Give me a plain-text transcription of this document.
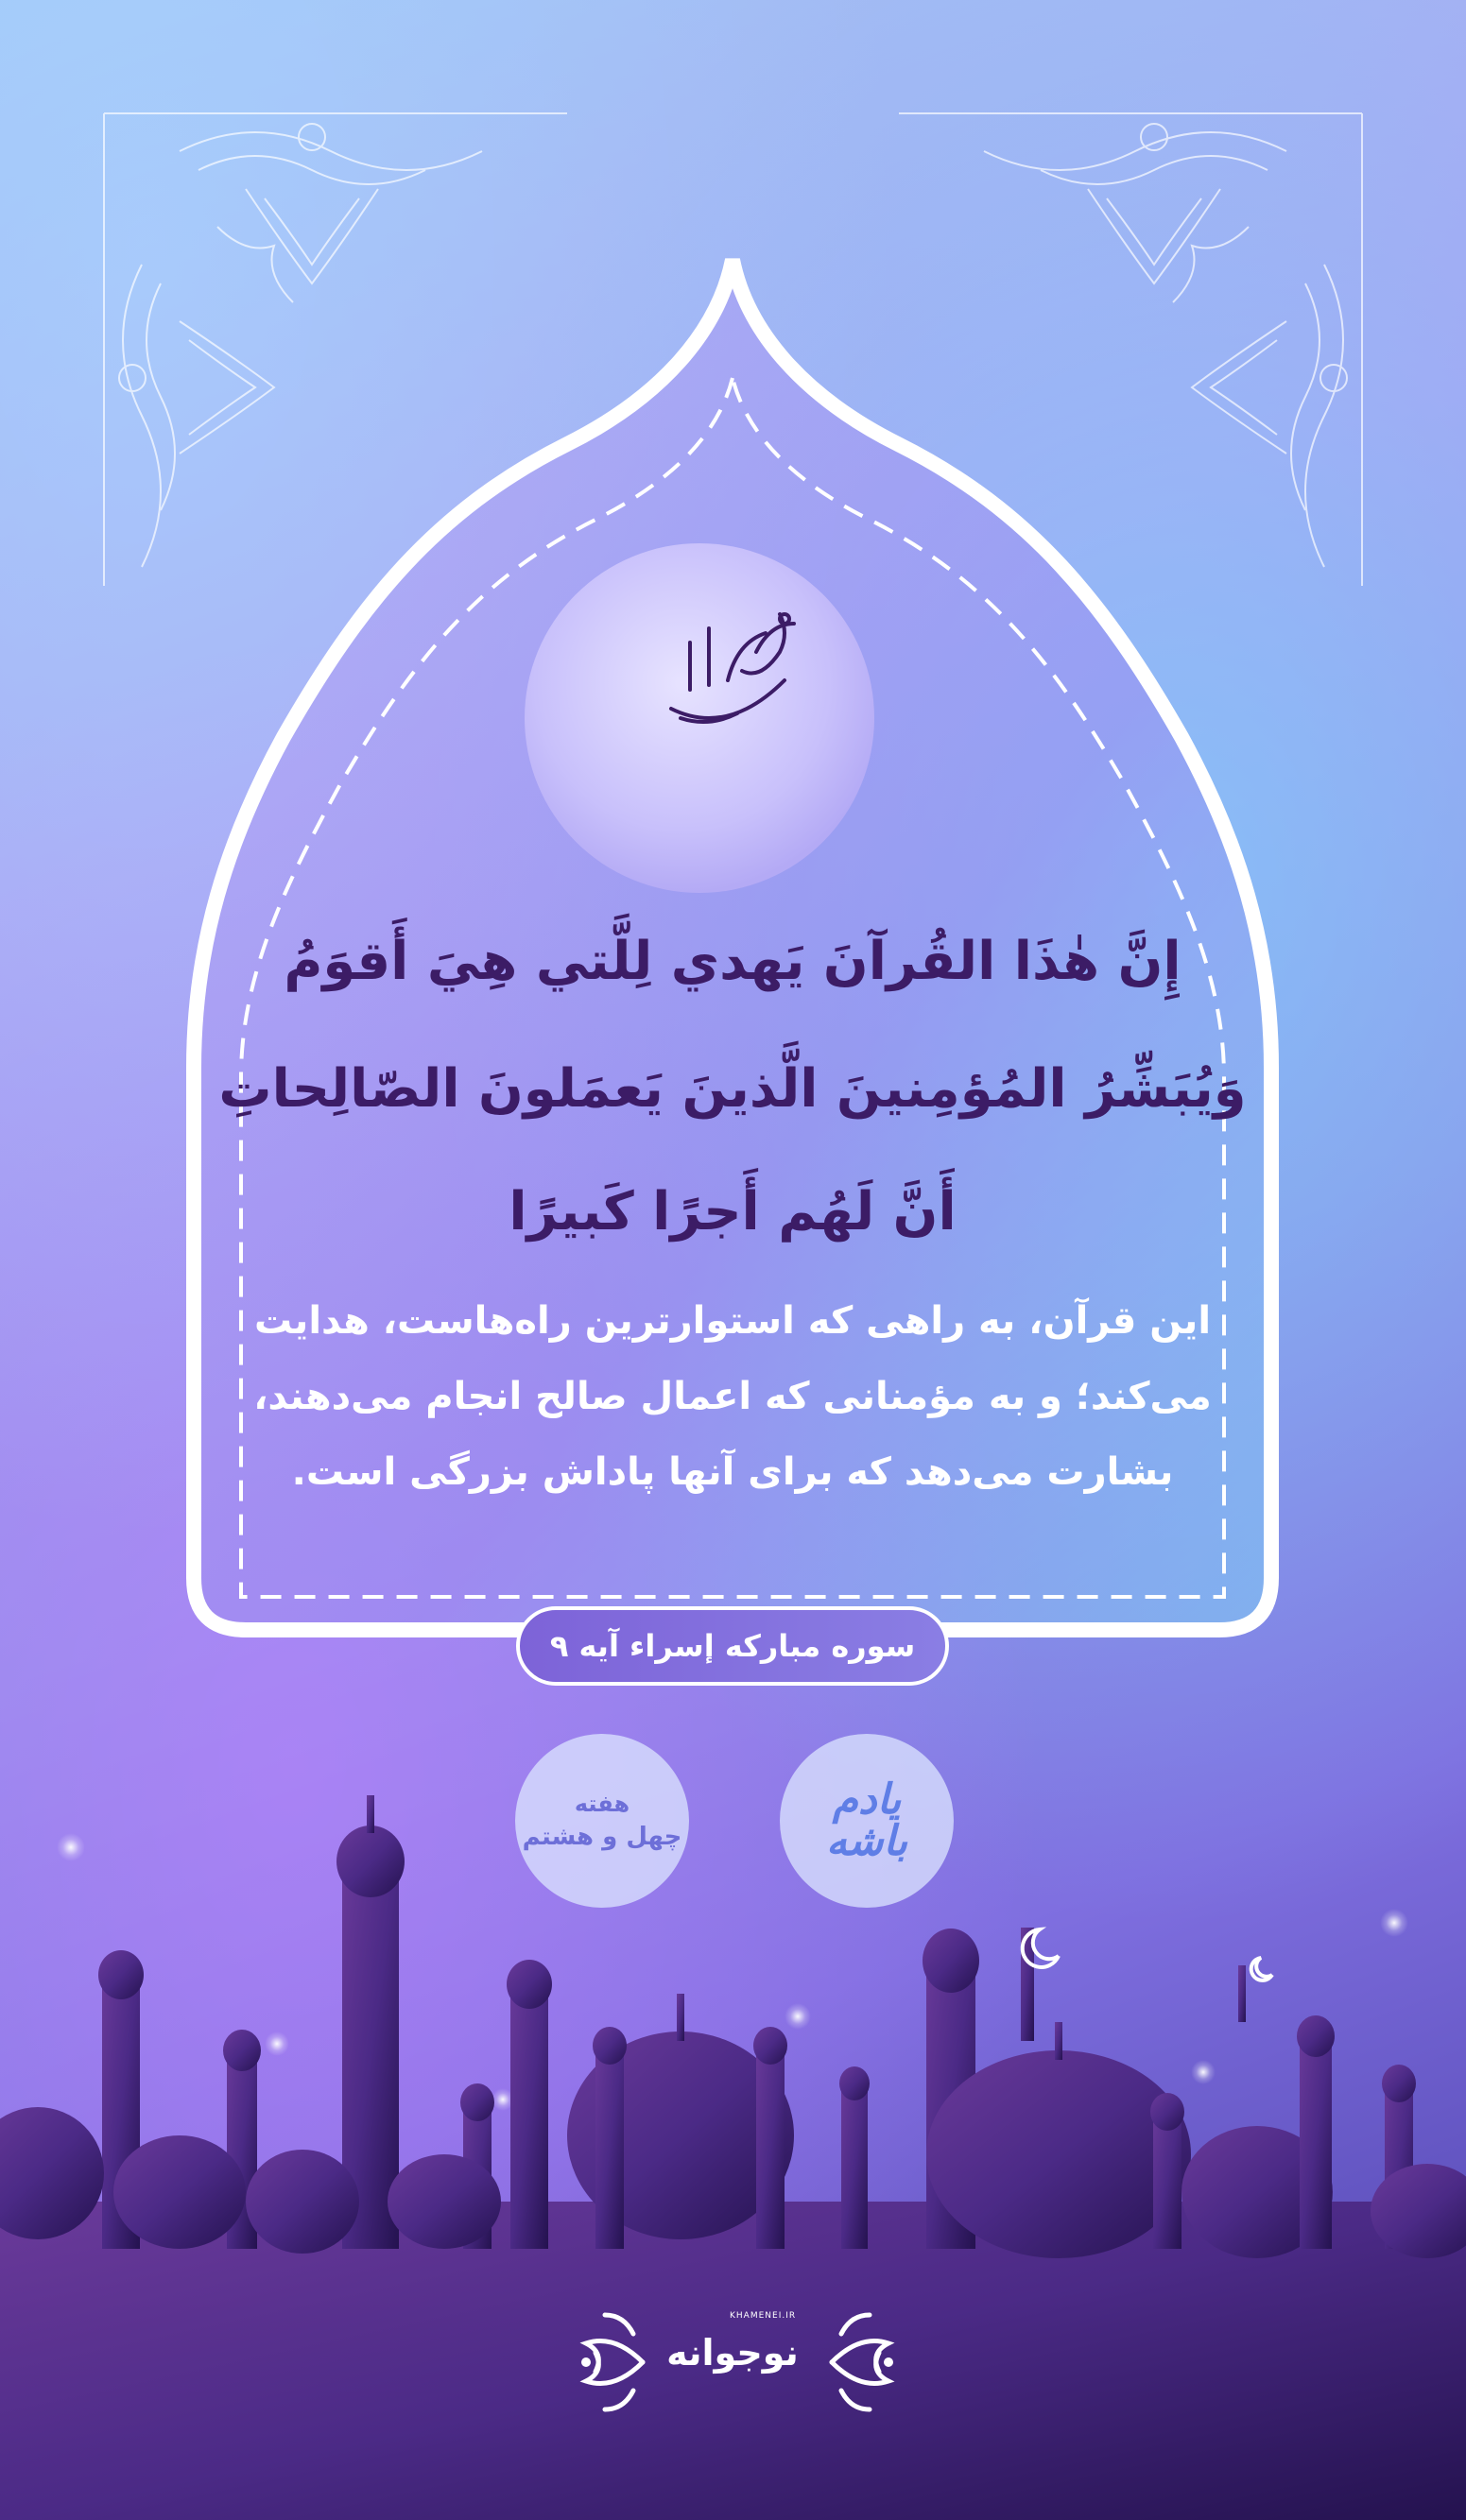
إِنَّ هٰذَا القُرآنَ يَهدي لِلَّتي هِيَ أَقوَمُ
وَيُبَشِّرُ المُؤمِنينَ الَّذينَ يَعمَلونَ الصّالِحاتِ
أَنَّ لَهُم أَجرًا كَبيرًا
این قرآن، به راهی که استوارترین راه‌هاست، هدایت
می‌کند؛ و به مؤمنانی که اعمال صالح انجام می‌دهند،
بشارت می‌دهد که برای آنها پاداش بزرگی است.
سوره مبارکه إسراء آیه ۹
هفته
چهل و هشتم
یادم
باشه
KHAMENEI.IR
نوجوانه
